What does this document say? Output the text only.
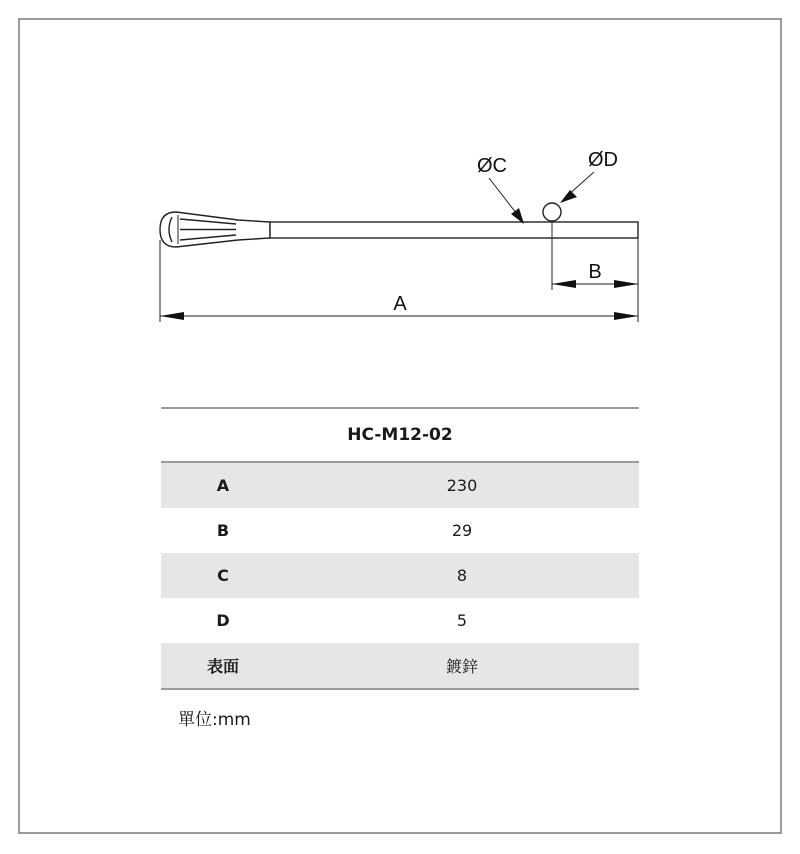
B
A
ØC	ØD
HC-M12-02	
A	230
B	29
C	8
D	5
表面	鍍鋅
單位:mm
